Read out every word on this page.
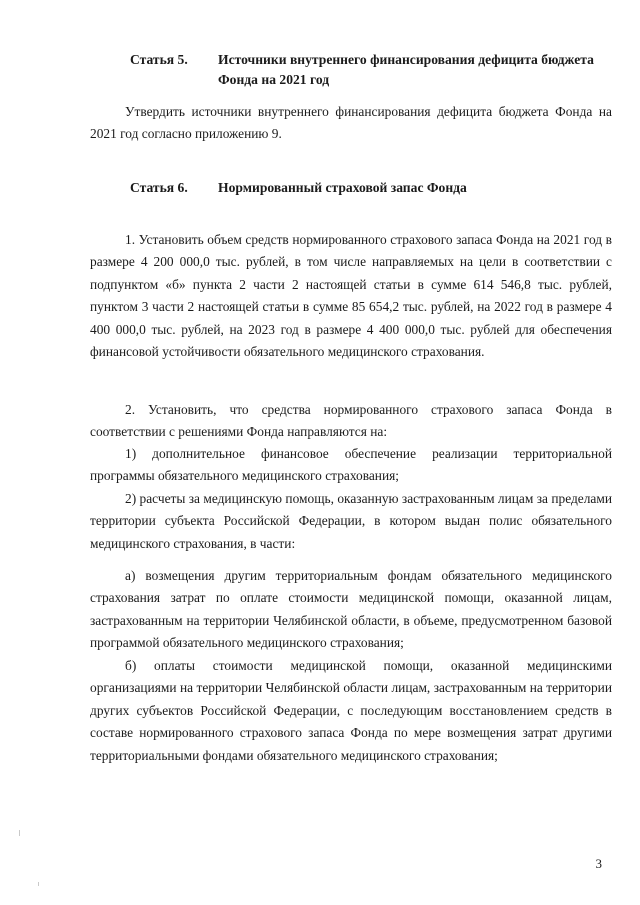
Статья 5.	Источники внутреннего финансирования дефицита бюджета Фонда на 2021 год
Утвердить источники внутреннего финансирования дефицита бюджета Фонда на 2021 год согласно приложению 9.
Статья 6.	Нормированный страховой запас Фонда
1. Установить объем средств нормированного страхового запаса Фонда на 2021 год в размере 4 200 000,0 тыс. рублей, в том числе направляемых на цели в соответствии с подпунктом «б» пункта 2 части 2 настоящей статьи в сумме 614 546,8 тыс. рублей, пунктом 3 части 2 настоящей статьи в сумме 85 654,2 тыс. рублей, на 2022 год в размере 4 400 000,0 тыс. рублей, на 2023 год в размере 4 400 000,0 тыс. рублей для обеспечения финансовой устойчивости обязательного медицинского страхования.
2. Установить, что средства нормированного страхового запаса Фонда в соответствии с решениями Фонда направляются на:
1) дополнительное финансовое обеспечение реализации территориальной программы обязательного медицинского страхования;
2) расчеты за медицинскую помощь, оказанную застрахованным лицам за пределами территории субъекта Российской Федерации, в котором выдан полис обязательного медицинского страхования, в части:
а) возмещения другим территориальным фондам обязательного медицинского страхования затрат по оплате стоимости медицинской помощи, оказанной лицам, застрахованным на территории Челябинской области, в объеме, предусмотренном базовой программой обязательного медицинского страхования;
б) оплаты стоимости медицинской помощи, оказанной медицинскими организациями на территории Челябинской области лицам, застрахованным на территории других субъектов Российской Федерации, с последующим восстановлением средств в составе нормированного страхового запаса Фонда по мере возмещения затрат другими территориальными фондами обязательного медицинского страхования;
3
